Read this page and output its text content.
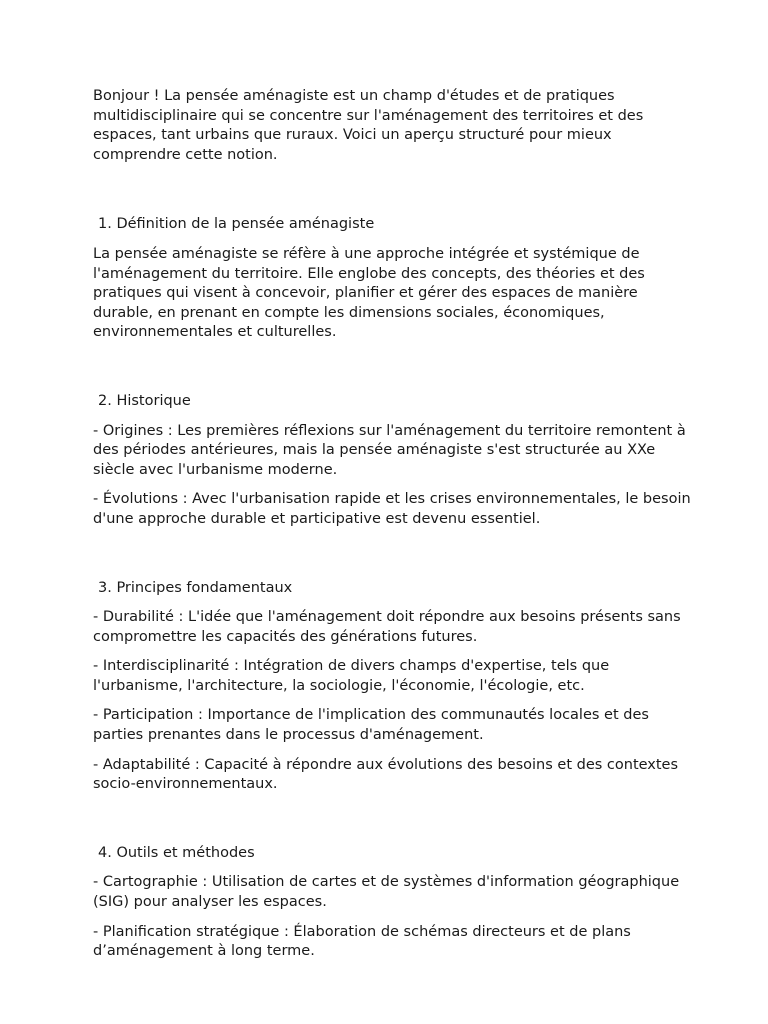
Bonjour ! La pensée aménagiste est un champ d'études et de pratiques multidisciplinaire qui se concentre sur l'aménagement des territoires et des espaces, tant urbains que ruraux. Voici un aperçu structuré pour mieux comprendre cette notion.

1. Définition de la pensée aménagiste

La pensée aménagiste se réfère à une approche intégrée et systémique de l'aménagement du territoire. Elle englobe des concepts, des théories et des pratiques qui visent à concevoir, planifier et gérer des espaces de manière durable, en prenant en compte les dimensions sociales, économiques, environnementales et culturelles.

2. Historique

- Origines : Les premières réflexions sur l'aménagement du territoire remontent à des périodes antérieures, mais la pensée aménagiste s'est structurée au XXe siècle avec l'urbanisme moderne.

- Évolutions : Avec l'urbanisation rapide et les crises environnementales, le besoin d'une approche durable et participative est devenu essentiel.

3. Principes fondamentaux

- Durabilité : L'idée que l'aménagement doit répondre aux besoins présents sans compromettre les capacités des générations futures.

- Interdisciplinarité : Intégration de divers champs d'expertise, tels que l'urbanisme, l'architecture, la sociologie, l'économie, l'écologie, etc.

- Participation : Importance de l'implication des communautés locales et des parties prenantes dans le processus d'aménagement.

- Adaptabilité : Capacité à répondre aux évolutions des besoins et des contextes socio-environnementaux.

4. Outils et méthodes

- Cartographie : Utilisation de cartes et de systèmes d'information géographique (SIG) pour analyser les espaces.

- Planification stratégique : Élaboration de schémas directeurs et de plans d’aménagement à long terme.
